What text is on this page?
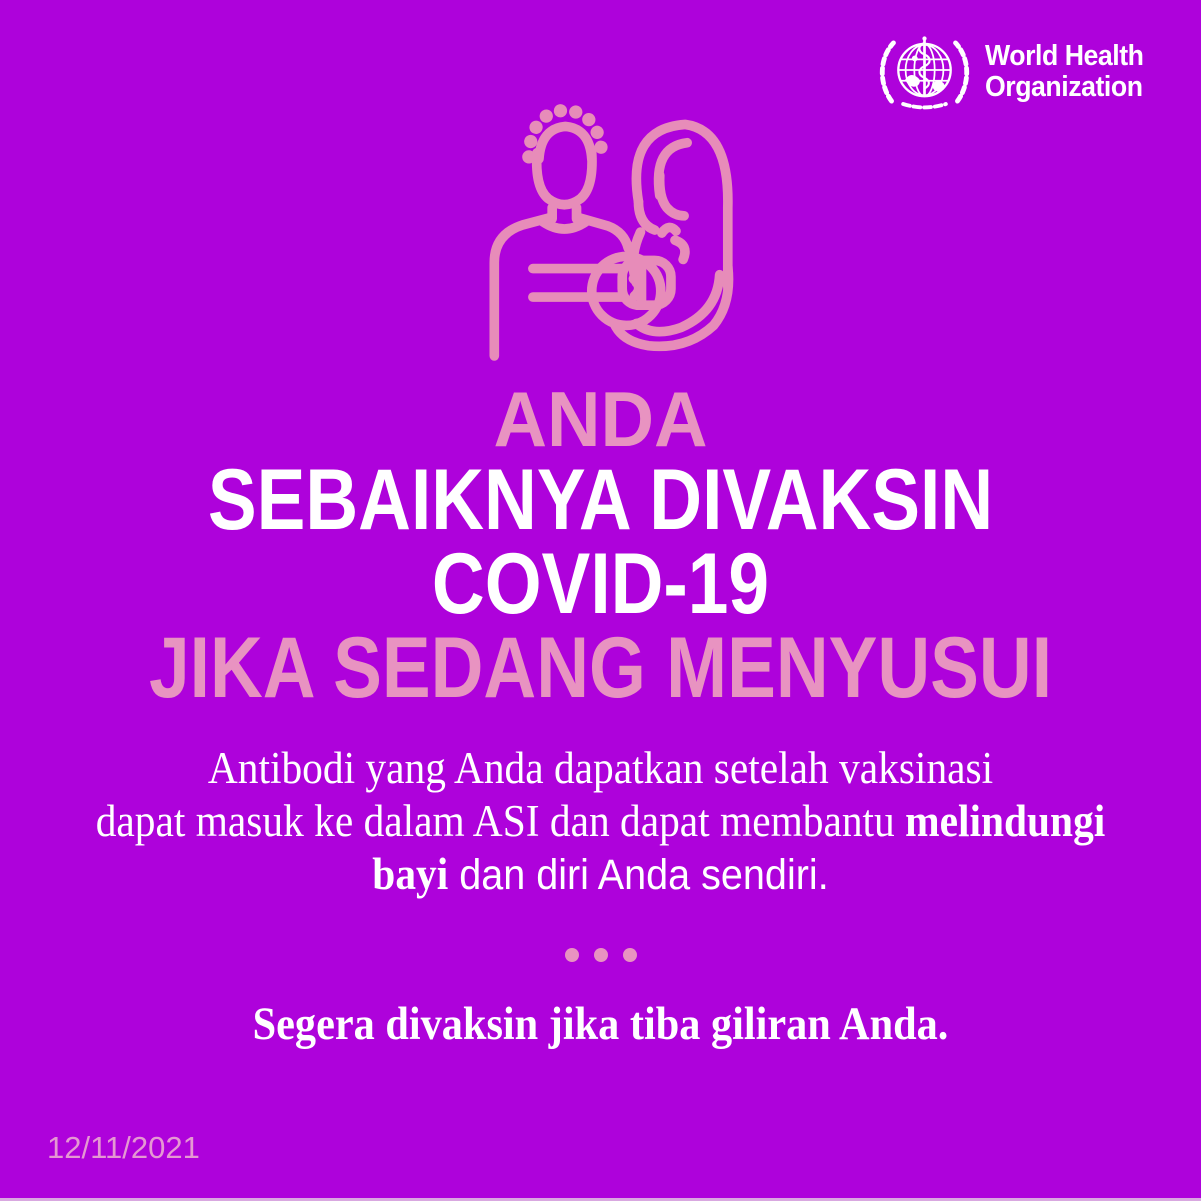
World Health
Organization
ANDA
SEBAIKNYA DIVAKSIN
COVID-19
JIKA SEDANG MENYUSUI
Antibodi yang Anda dapatkan setelah vaksinasi
dapat masuk ke dalam ASI dan dapat membantu melindungi
bayi dan diri Anda sendiri.
Segera divaksin jika tiba giliran Anda.
12/11/2021
